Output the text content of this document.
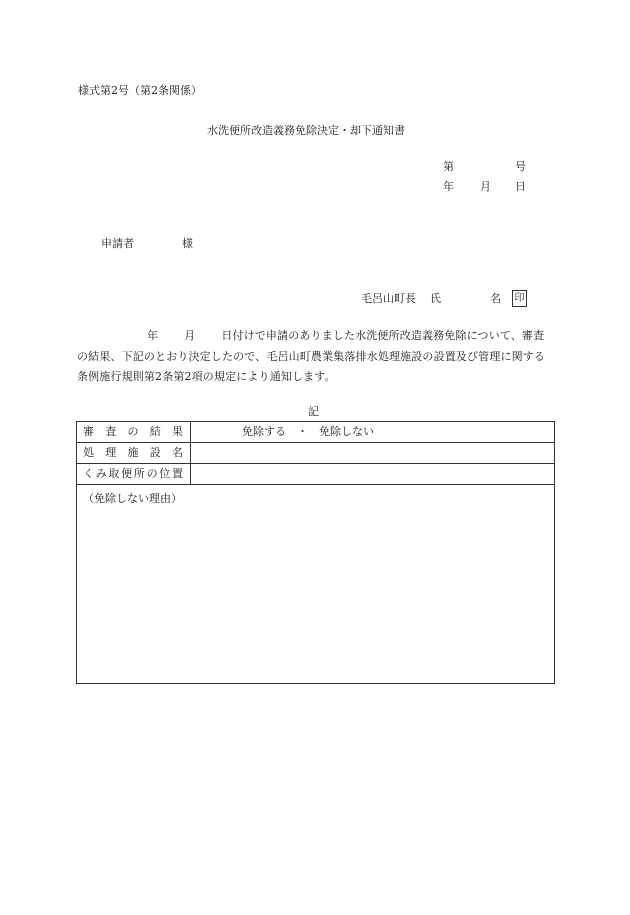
様式第2号（第2条関係）
水洗便所改造義務免除決定・却下通知書
第	号
年 月 日
申請者	様
毛呂山町長 氏	名 印
年 月 日付けで申請のありました水洗便所改造義務免除について、審査の結果、下記のとおり決定したので、毛呂山町農業集落排水処理施設の設置及び管理に関する条例施行規則第2条第2項の規定により通知します。
記
審査の結果	免除する　・　免除しない
処理施設名
くみ取便所の位置
（免除しない理由）
